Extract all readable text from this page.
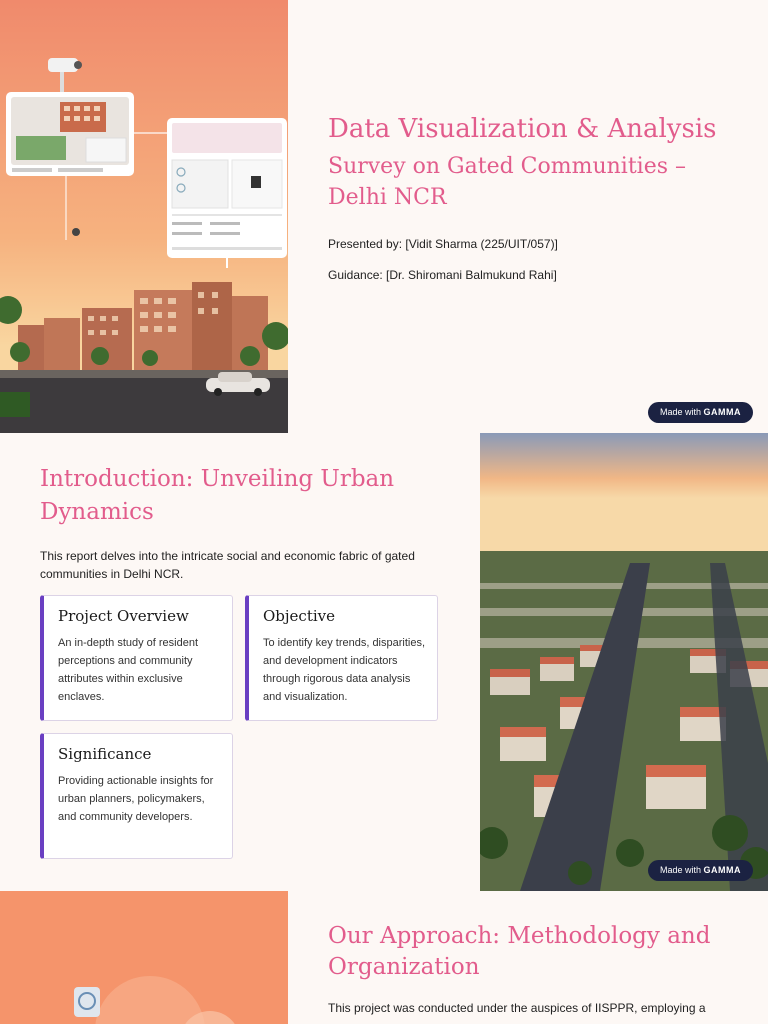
Data Visualization & Analysis
Survey on Gated Communities – Delhi NCR

Presented by: [Vidit Sharma (225/UIT/057)]

Guidance: [Dr. Shiromani Balmukund Rahi]

Made with GAMMA
Introduction: Unveiling Urban Dynamics

This report delves into the intricate social and economic fabric of gated communities in Delhi NCR.

Project Overview

An in-depth study of resident perceptions and community attributes within exclusive enclaves.

Objective

To identify key trends, disparities, and development indicators through rigorous data analysis and visualization.

Significance

Providing actionable insights for urban planners, policymakers, and community developers.

Made with GAMMA
Our Approach: Methodology and Organization

This project was conducted under the auspices of IISPPR, employing a
